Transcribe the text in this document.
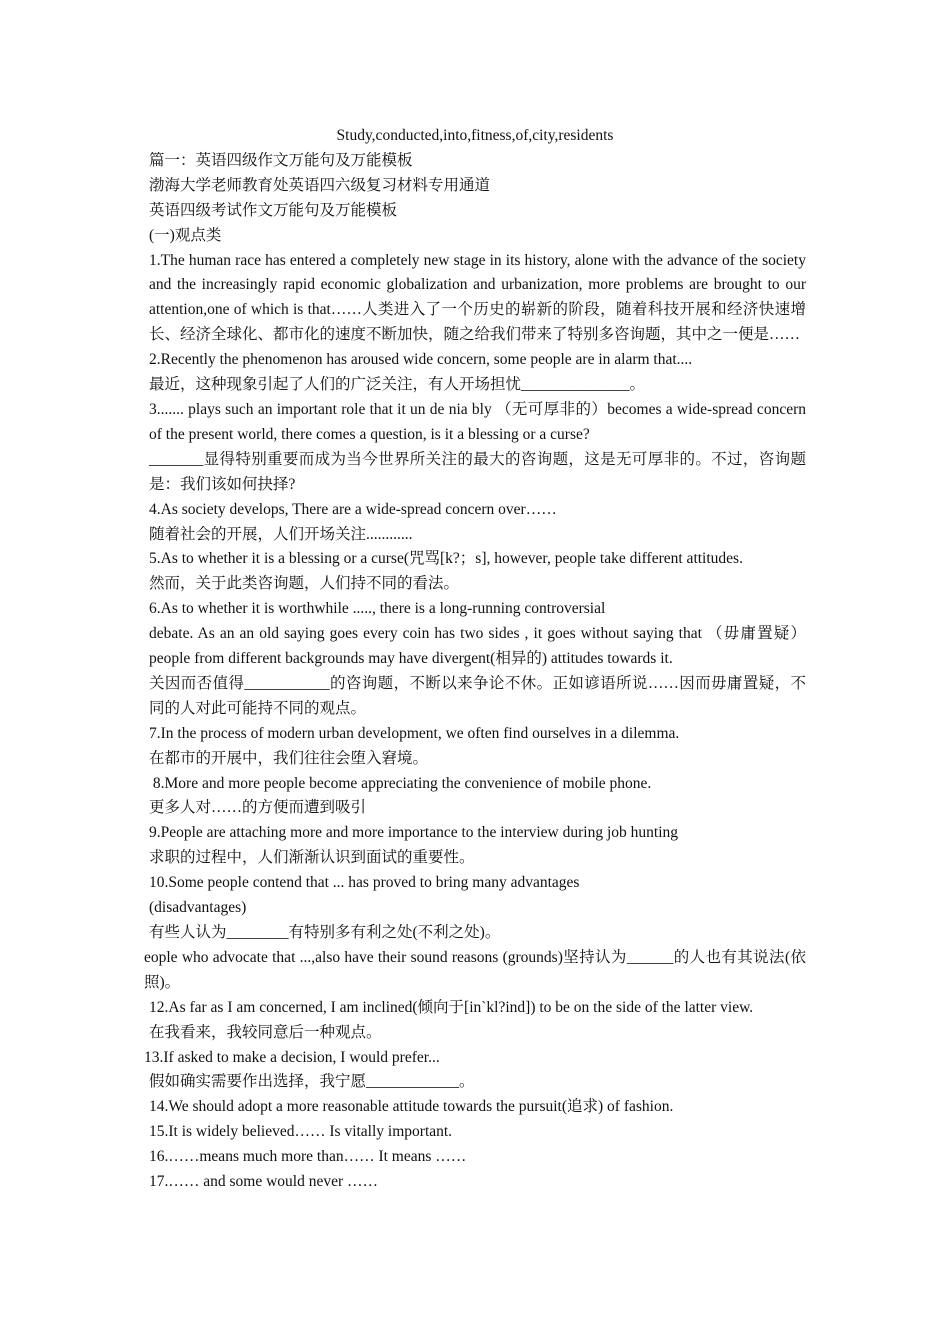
Study,conducted,into,fitness,of,city,residents

篇一：英语四级作文万能句及万能模板

渤海大学老师教育处英语四六级复习材料专用通道

英语四级考试作文万能句及万能模板

(一)观点类

1.The human race has entered a completely new stage in its history, alone with the advance of the society and the increasingly rapid economic globalization and urbanization, more problems are brought to our attention,one of which is that……人类进入了一个历史的崭新的阶段，随着科技开展和经济快速增长、经济全球化、都市化的速度不断加快，随之给我们带来了特别多咨询题，其中之一便是……

2.Recently the phenomenon has aroused wide concern, some people are in alarm that....

最近，这种现象引起了人们的广泛关注，有人开场担忧______________。

3....... plays such an important role that it un de nia bly （无可厚非的）becomes a wide-spread concern of the present world, there comes a question, is it a blessing or a curse?

_______显得特别重要而成为当今世界所关注的最大的咨询题，这是无可厚非的。不过，咨询题是：我们该如何抉择?

4.As society develops, There are a wide-spread concern over……

随着社会的开展，人们开场关注............

5.As to whether it is a blessing or a curse(咒骂[k?；s], however, people take different attitudes.

然而，关于此类咨询题，人们持不同的看法。

6.As to whether it is worthwhile ....., there is a long-running controversial

debate. As an an old saying goes every coin has two sides , it goes without saying that （毋庸置疑） people from different backgrounds may have divergent(相异的) attitudes towards it.

关因而否值得___________的咨询题，不断以来争论不休。正如谚语所说……因而毋庸置疑，不同的人对此可能持不同的观点。

7.In the process of modern urban development, we often find ourselves in a dilemma.

在都市的开展中，我们往往会堕入窘境。

8.More and more people become appreciating the convenience of mobile phone.

更多人对……的方便而遭到吸引

9.People are attaching more and more importance to the interview during job hunting

求职的过程中，人们渐渐认识到面试的重要性。

10.Some people contend that ... has proved to bring many advantages

(disadvantages)

有些人认为________有特别多有利之处(不利之处)。

eople who advocate that ...,also have their sound reasons (grounds)坚持认为______的人也有其说法(依照)。

12.As far as I am concerned, I am inclined(倾向于[in`kl?ind]) to be on the side of the latter view.

在我看来，我较同意后一种观点。

13.If asked to make a decision, I would prefer...

假如确实需要作出选择，我宁愿____________。

14.We should adopt a more reasonable attitude towards the pursuit(追求) of fashion.

15.It is widely believed…… Is vitally important.

16.……means much more than…… It means ……

17.…… and some would never ……
